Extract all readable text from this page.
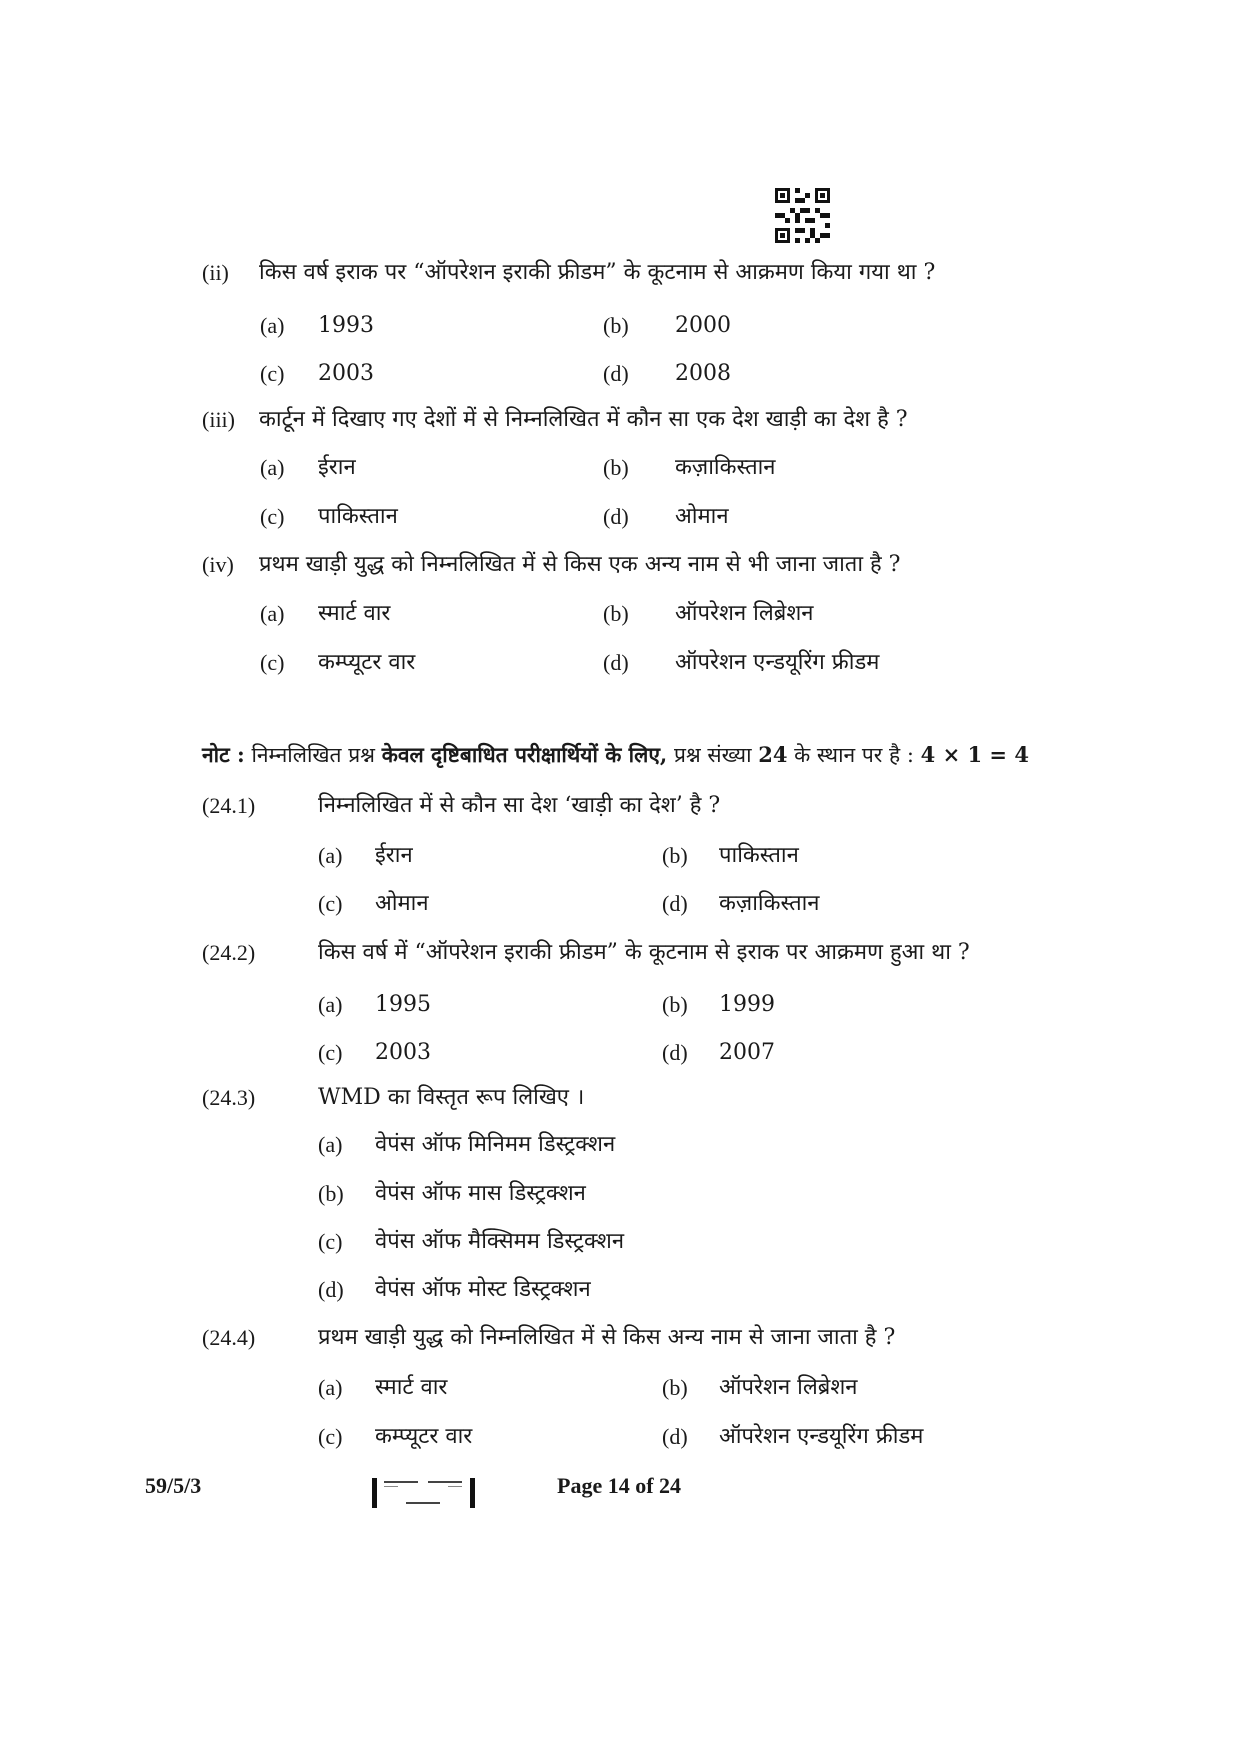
(ii) किस वर्ष इराक पर “ऑपरेशन इराकी फ्रीडम” के कूटनाम से आक्रमण किया गया था ?
(a) 1993	(b) 2000
(c) 2003	(d) 2008
(iii) कार्टून में दिखाए गए देशों में से निम्नलिखित में कौन सा एक देश खाड़ी का देश है ?
(a) ईरान	(b) कज़ाकिस्तान
(c) पाकिस्तान	(d) ओमान
(iv) प्रथम खाड़ी युद्ध को निम्नलिखित में से किस एक अन्य नाम से भी जाना जाता है ?
(a) स्मार्ट वार	(b) ऑपरेशन लिब्रेशन
(c) कम्प्यूटर वार	(d) ऑपरेशन एन्डयूरिंग फ्रीडम
नोट : निम्नलिखित प्रश्न केवल दृष्टिबाधित परीक्षार्थियों के लिए, प्रश्न संख्या 24 के स्थान पर है : 4 × 1 = 4
(24.1)	निम्नलिखित में से कौन सा देश ‘खाड़ी का देश’ है ?
(a) ईरान	(b) पाकिस्तान
(c) ओमान	(d) कज़ाकिस्तान
(24.2)	किस वर्ष में “ऑपरेशन इराकी फ्रीडम” के कूटनाम से इराक पर आक्रमण हुआ था ?
(a) 1995	(b) 1999
(c) 2003	(d) 2007
(24.3)	WMD का विस्तृत रूप लिखिए ।
(a) वेपंस ऑफ मिनिमम डिस्ट्रक्शन
(b) वेपंस ऑफ मास डिस्ट्रक्शन
(c) वेपंस ऑफ मैक्सिमम डिस्ट्रक्शन
(d) वेपंस ऑफ मोस्ट डिस्ट्रक्शन
(24.4)	प्रथम खाड़ी युद्ध को निम्नलिखित में से किस अन्य नाम से जाना जाता है ?
(a) स्मार्ट वार	(b) ऑपरेशन लिब्रेशन
(c) कम्प्यूटर वार	(d) ऑपरेशन एन्डयूरिंग फ्रीडम
59/5/3	Page 14 of 24
